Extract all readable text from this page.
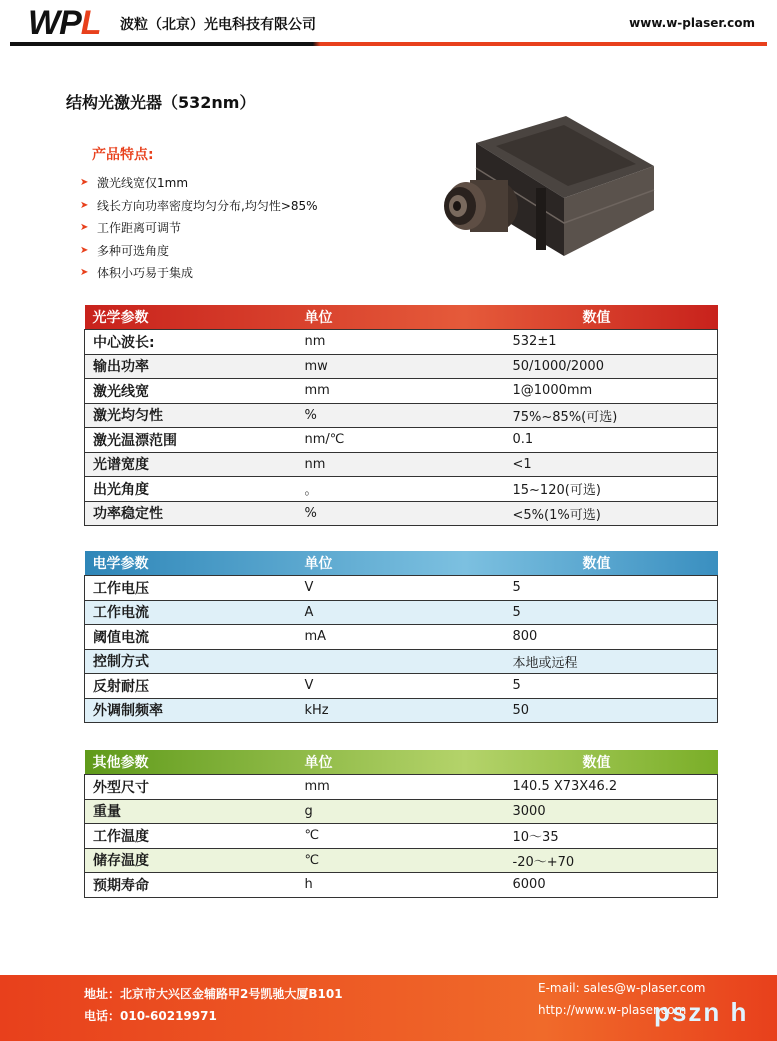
WPL 波粒（北京）光电科技有限公司	www.w-plaser.com
结构光激光器（532nm）
产品特点:
➤ 激光线宽仅1mm
➤ 线长方向功率密度均匀分布,均匀性>85%
➤ 工作距离可调节
➤ 多种可选角度
➤ 体积小巧易于集成
光学参数	单位	数值
中心波长:	nm	532±1
输出功率	mw	50/1000/2000
激光线宽	mm	1@1000mm
激光均匀性	%	75%~85%(可选)
激光温漂范围	nm/℃	0.1
光谱宽度	nm	<1
出光角度	。	15~120(可选)
功率稳定性	%	<5%(1%可选)
电学参数	单位	数值
工作电压	V	5
工作电流	A	5
阈值电流	mA	800
控制方式		本地或远程
反射耐压	V	5
外调制频率	kHz	50
其他参数	单位	数值
外型尺寸	mm	140.5 X73X46.2
重量	g	3000
工作温度	℃	10～35
储存温度	℃	-20～+70
预期寿命	h	6000
地址：北京市大兴区金辅路甲2号凯驰大厦B101
电话：010-60219971
E-mail: sales@w-plaser.com
http://www.w-plaser.com
pszn h
